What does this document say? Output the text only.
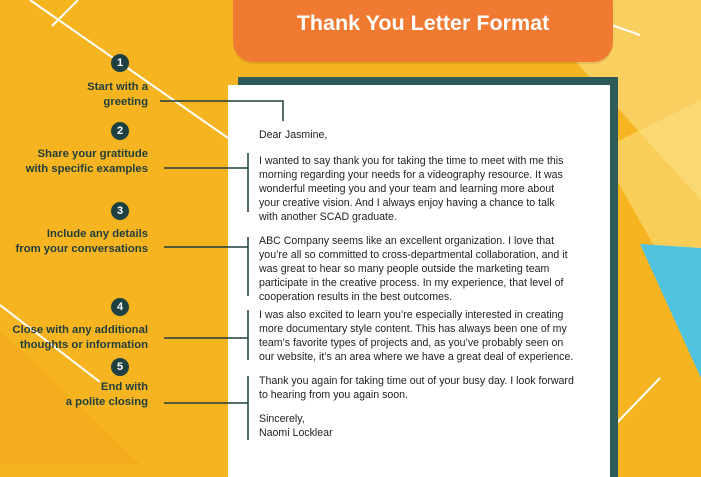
Thank You Letter Format
1

Start with a
greeting

2

Share your gratitude
with specific examples

3

Include any details
from your conversations

4

Close with any additional
thoughts or information

5

End with
a polite closing

Dear Jasmine,

I wanted to say thank you for taking the time to meet with me this
morning regarding your needs for a videography resource. It was
wonderful meeting you and your team and learning more about
your creative vision. And I always enjoy having a chance to talk
with another SCAD graduate.

ABC Company seems like an excellent organization. I love that
you’re all so committed to cross-departmental collaboration, and it
was great to hear so many people outside the marketing team
participate in the creative process. In my experience, that level of
cooperation results in the best outcomes.

I was also excited to learn you’re especially interested in creating
more documentary style content. This has always been one of my
team’s favorite types of projects and, as you’ve probably seen on
our website, it’s an area where we have a great deal of experience.

Thank you again for taking time out of your busy day. I look forward
to hearing from you again soon.

Sincerely,
Naomi Locklear
